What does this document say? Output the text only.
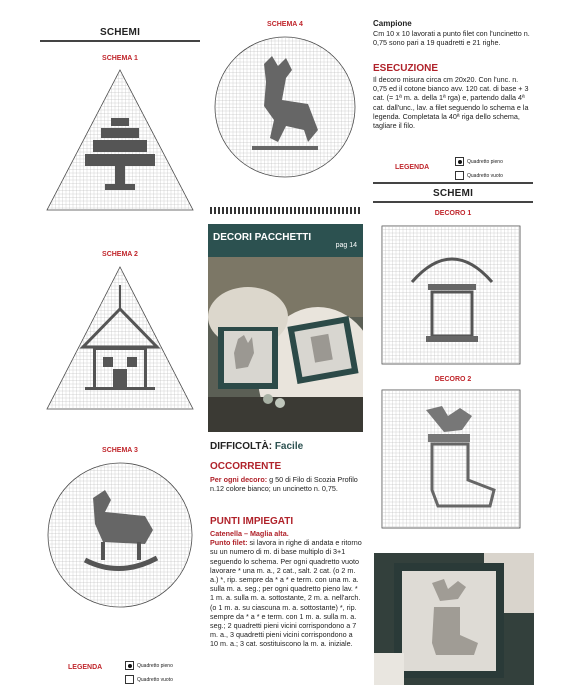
SCHEMI
SCHEMA 1
SCHEMA 2
SCHEMA 3
LEGENDA	Quadretto pieno
Quadretto vuoto
SCHEMA 4
DECORI PACCHETTI
pag 14
DIFFICOLTÀ: Facile
OCCORRENTE
Per ogni decoro: g 50 di Filo di Scozia Profilo n.12 colore bianco; un uncinetto n. 0,75.
PUNTI IMPIEGATI
Catenella – Maglia alta.
Punto filet: si lavora in righe di andata e ritorno su un numero di m. di base multiplo di 3+1 seguendo lo schema. Per ogni quadretto vuoto lavorare * una m. a., 2 cat., salt. 2 cat. (o 2 m. a.) *, rip. sempre da * a * e term. con una m. a. sulla m. a. seg.; per ogni quadretto pieno lav. * 1 m. a. sulla m. a. sottostante, 2 m. a. nell'arch. (o 1 m. a. su ciascuna m. a. sottostante) *, rip. sempre da * a * e term. con 1 m. a. sulla m. a. seg.; 2 quadretti pieni vicini corrispondono a 7 m. a., 3 quadretti pieni vicini corrispondono a 10 m. a.; 3 cat. sostituiscono la m. a. iniziale.
Campione
Cm 10 x 10 lavorati a punto filet con l'uncinetto n. 0,75 sono pari a 19 quadretti e 21 righe.
ESECUZIONE
Il decoro misura circa cm 20x20. Con l'unc. n. 0,75 ed il cotone bianco avv. 120 cat. di base + 3 cat. (= 1ª m. a. della 1ª rga) e, partendo dalla 4ª cat. dall'unc., lav. a filet seguendo lo schema e la legenda. Completata la 40ª riga dello schema, tagliare il filo.
LEGENDA
Quadretto pieno
Quadretto vuoto
SCHEMI
DECORO 1
DECORO 2
